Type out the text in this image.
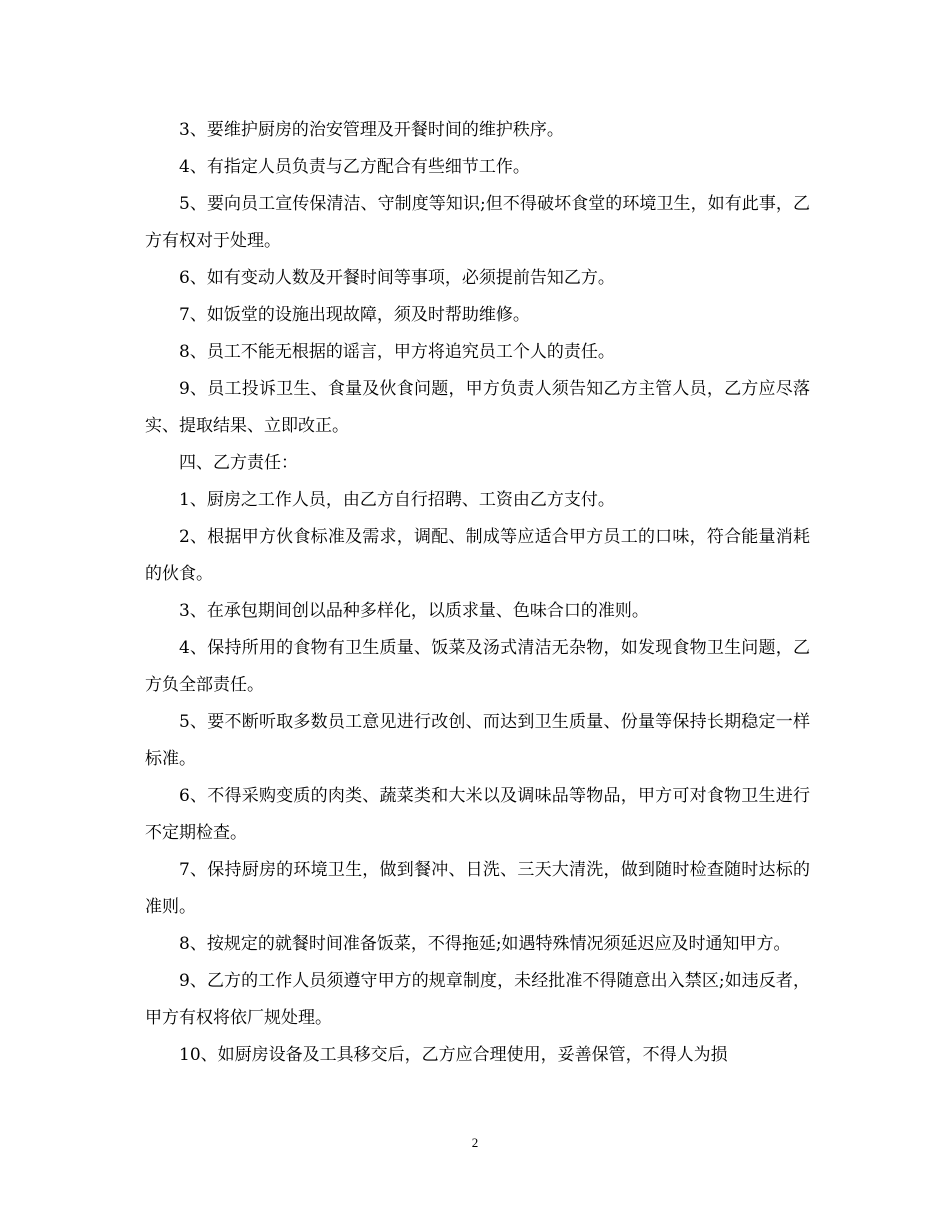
3、要维护厨房的治安管理及开餐时间的维护秩序。

4、有指定人员负责与乙方配合有些细节工作。

5、要向员工宣传保清洁、守制度等知识;但不得破坏食堂的环境卫生，如有此事，乙方有权对于处理。

6、如有变动人数及开餐时间等事项，必须提前告知乙方。

7、如饭堂的设施出现故障，须及时帮助维修。

8、员工不能无根据的谣言，甲方将追究员工个人的责任。

9、员工投诉卫生、食量及伙食问题，甲方负责人须告知乙方主管人员，乙方应尽落实、提取结果、立即改正。

四、乙方责任：

1、厨房之工作人员，由乙方自行招聘、工资由乙方支付。

2、根据甲方伙食标准及需求，调配、制成等应适合甲方员工的口味，符合能量消耗的伙食。

3、在承包期间创以品种多样化，以质求量、色味合口的准则。

4、保持所用的食物有卫生质量、饭菜及汤式清洁无杂物，如发现食物卫生问题，乙方负全部责任。

5、要不断听取多数员工意见进行改创、而达到卫生质量、份量等保持长期稳定一样标准。

6、不得采购变质的肉类、蔬菜类和大米以及调味品等物品，甲方可对食物卫生进行不定期检查。

7、保持厨房的环境卫生，做到餐冲、日洗、三天大清洗，做到随时检查随时达标的准则。

8、按规定的就餐时间准备饭菜，不得拖延;如遇特殊情况须延迟应及时通知甲方。

9、乙方的工作人员须遵守甲方的规章制度，未经批准不得随意出入禁区;如违反者，甲方有权将依厂规处理。

10、如厨房设备及工具移交后，乙方应合理使用，妥善保管，不得人为损

2
